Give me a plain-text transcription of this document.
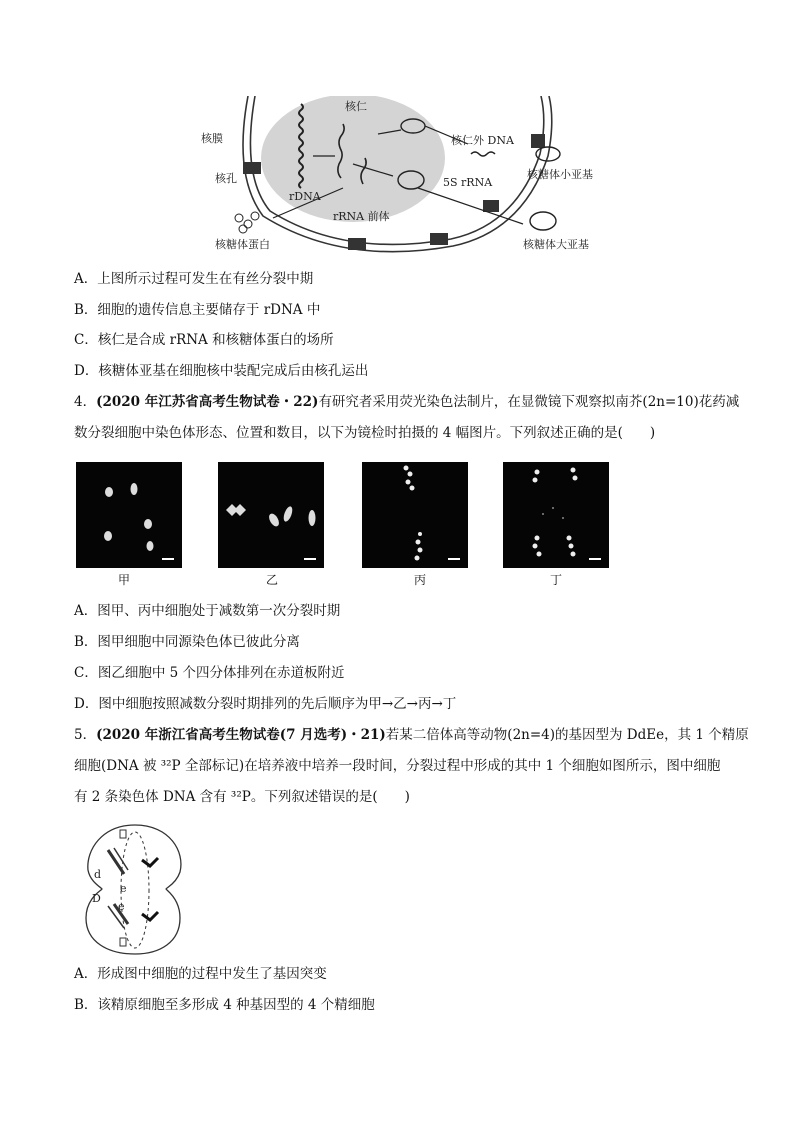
核膜
核孔
核仁
rDNA
rRNA 前体
核仁外 DNA
5S rRNA
核糖体小亚基
核糖体大亚基
核糖体蛋白
A．上图所示过程可发生在有丝分裂中期
B．细胞的遗传信息主要储存于 rDNA 中
C．核仁是合成 rRNA 和核糖体蛋白的场所
D．核糖体亚基在细胞核中装配完成后由核孔运出
4．(2020 年江苏省高考生物试卷・22)有研究者采用荧光染色法制片，在显微镜下观察拟南芥(2n=10)花药减
数分裂细胞中染色体形态、位置和数目，以下为镜检时拍摄的 4 幅图片。下列叙述正确的是(　　)
甲	乙	丙	丁
A．图甲、丙中细胞处于减数第一次分裂时期
B．图甲细胞中同源染色体已彼此分离
C．图乙细胞中 5 个四分体排列在赤道板附近
D．图中细胞按照减数分裂时期排列的先后顺序为甲→乙→丙→丁
5．(2020 年浙江省高考生物试卷(7 月选考)・21)若某二倍体高等动物(2n=4)的基因型为 DdEe，其 1 个精原
细胞(DNA 被 ³²P 全部标记)在培养液中培养一段时间，分裂过程中形成的其中 1 个细胞如图所示，图中细胞
有 2 条染色体 DNA 含有 ³²P。下列叙述错误的是(　　)
d
e
D
e
A．形成图中细胞的过程中发生了基因突变
B．该精原细胞至多形成 4 种基因型的 4 个精细胞
